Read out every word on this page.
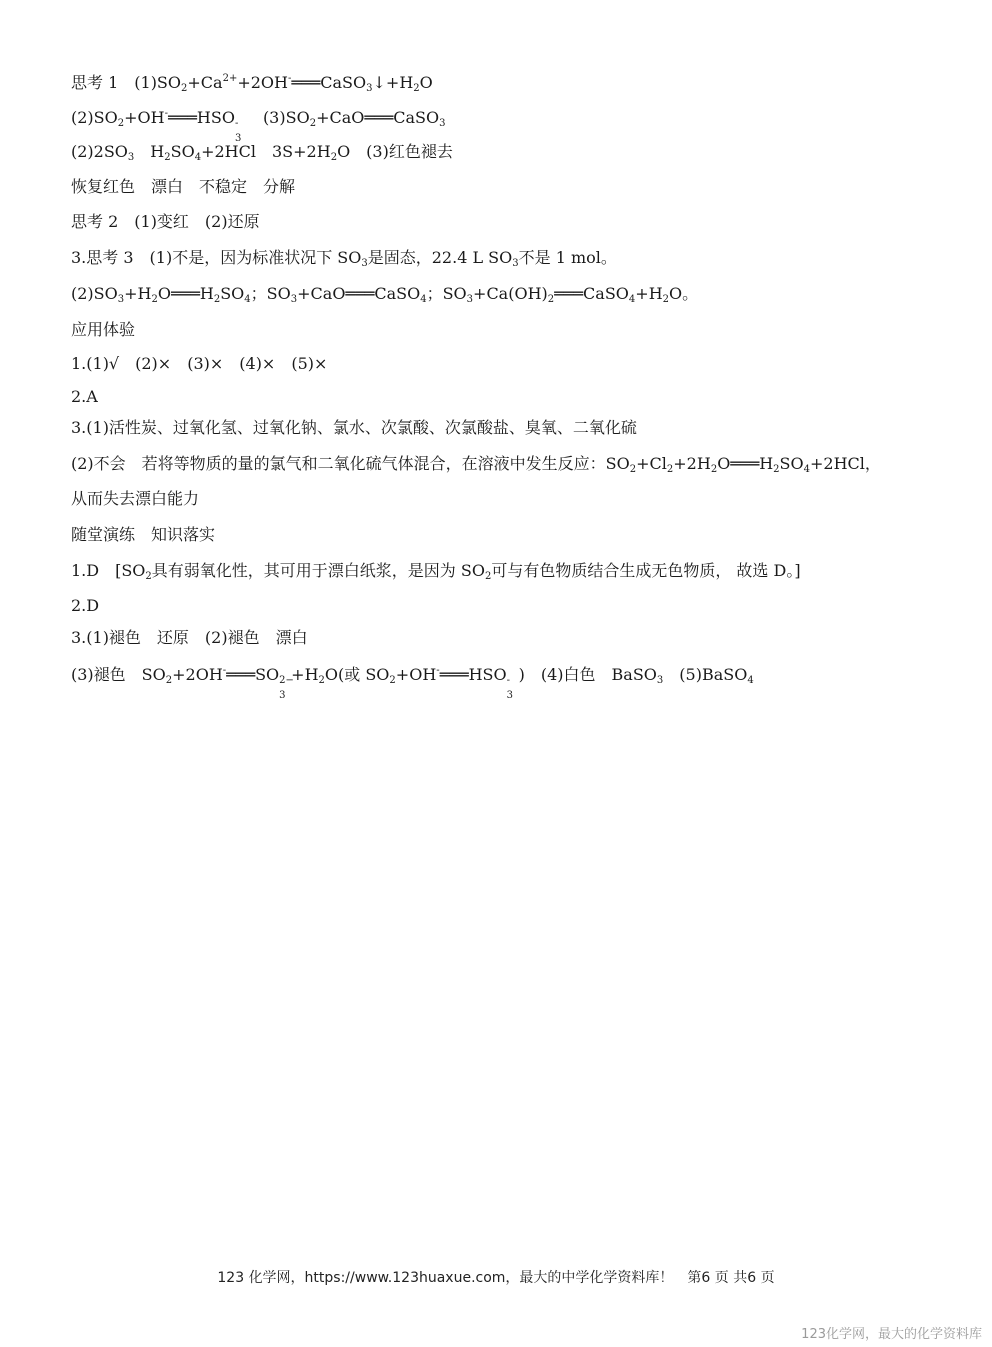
思考 1　$(1)SO_2+Ca^{2+}+2OH^-═══CaSO_3↓+H_2O$
$(2)SO_2+OH^-═══HSO$ -
3
　$(3)SO_2+CaO═══CaSO_3$
$(2)2SO_3$　$H_2SO_4+2HCl$　$3S+2H_2O$　(3)红色褪去
恢复红色　漂白　不稳定　分解
思考 2　(1)变红　(2)还原
3.思考 3　(1)不是，因为标准状况下 $SO_3$是固态，22.4 L $SO_3$不是 1 mol。
$(2)SO_3+H_2O═══H_2SO_4$；$SO_3+CaO═══CaSO_4$；$SO_3+Ca(OH)_2═══CaSO_4+H_2O$。
应用体验
1.(1)√　(2)×　(3)×　(4)×　(5)×
2.A
3.(1)活性炭、过氧化氢、过氧化钠、氯水、次氯酸、次氯酸盐、臭氧、二氧化硫
(2)不会　若将等物质的量的氯气和二氧化硫气体混合，在溶液中发生反应：$SO_2+Cl_2+2H_2O═══H_2SO_4+2HCl$，
从而失去漂白能力
随堂演练　知识落实
1.D　[$SO_2$具有弱氧化性，其可用于漂白纸浆，是因为 $SO_2$可与有色物质结合生成无色物质， 故选 D。]
2.D
3.(1)褪色　还原　(2)褪色　漂白
(3)褪色　$SO_2+2OH^-═══SO$ 2−
3
$+H_2O$(或 $SO_2+OH^-═══HSO$ -
3
)　(4)白色　BaSO$_3$　(5)BaSO$_4$
123 化学网，https://www.123huaxue.com，最大的中学化学资料库！　第6 页 共6 页
123化学网，最大的化学资料库
